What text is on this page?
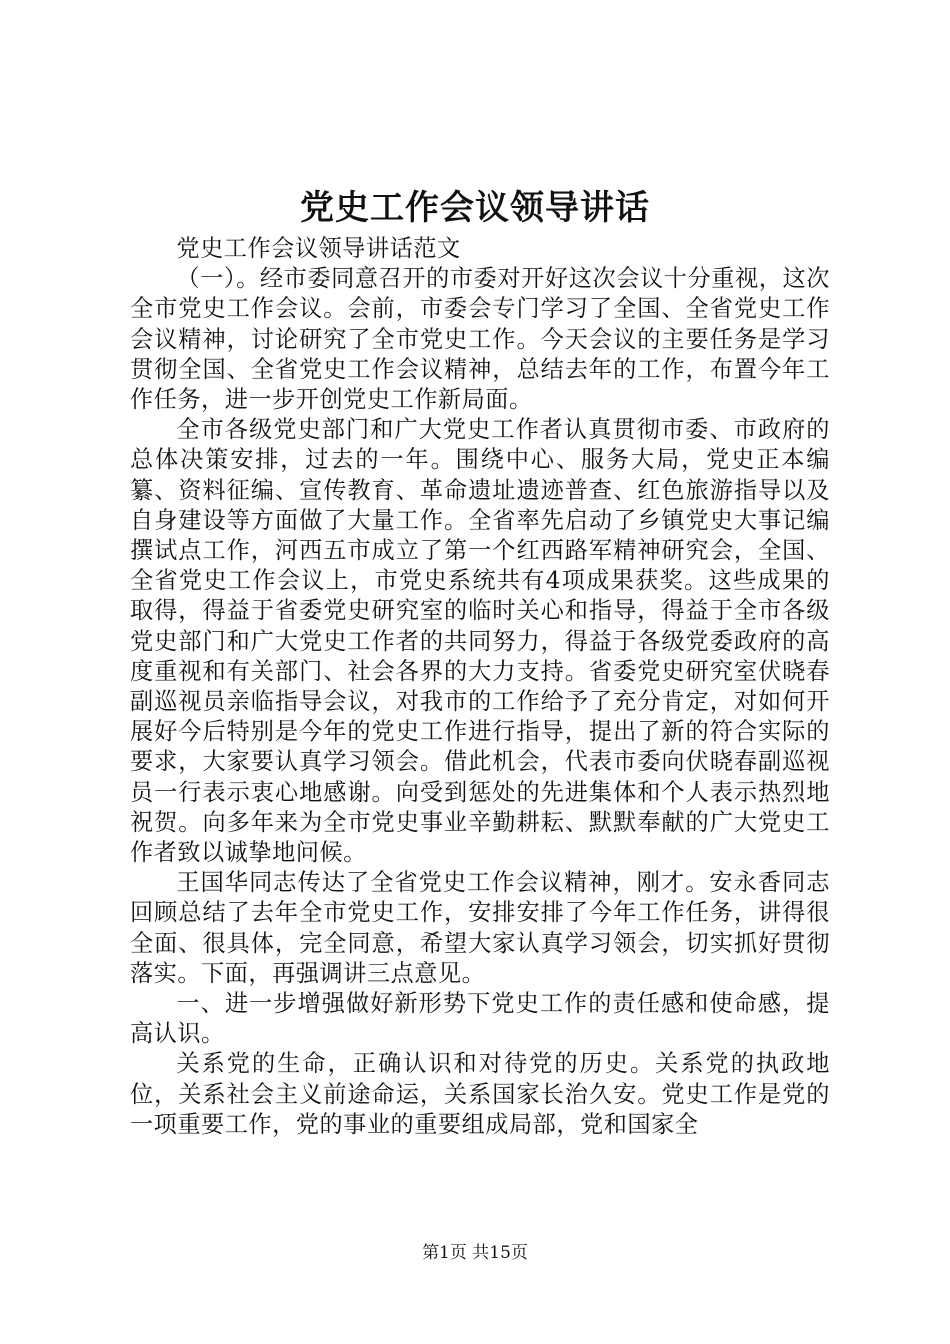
党史工作会议领导讲话

党史工作会议领导讲话范文

（一）。经市委同意召开的市委对开好这次会议十分重视，这次全市党史工作会议。会前，市委会专门学习了全国、全省党史工作会议精神，讨论研究了全市党史工作。今天会议的主要任务是学习贯彻全国、全省党史工作会议精神，总结去年的工作，布置今年工作任务，进一步开创党史工作新局面。

全市各级党史部门和广大党史工作者认真贯彻市委、市政府的总体决策安排，过去的一年。围绕中心、服务大局，党史正本编纂、资料征编、宣传教育、革命遗址遗迹普查、红色旅游指导以及自身建设等方面做了大量工作。全省率先启动了乡镇党史大事记编撰试点工作，河西五市成立了第一个红西路军精神研究会，全国、全省党史工作会议上，市党史系统共有4项成果获奖。这些成果的取得，得益于省委党史研究室的临时关心和指导，得益于全市各级党史部门和广大党史工作者的共同努力，得益于各级党委政府的高度重视和有关部门、社会各界的大力支持。省委党史研究室伏晓春副巡视员亲临指导会议，对我市的工作给予了充分肯定，对如何开展好今后特别是今年的党史工作进行指导，提出了新的符合实际的要求，大家要认真学习领会。借此机会，代表市委向伏晓春副巡视员一行表示衷心地感谢。向受到惩处的先进集体和个人表示热烈地祝贺。向多年来为全市党史事业辛勤耕耘、默默奉献的广大党史工作者致以诚挚地问候。

王国华同志传达了全省党史工作会议精神，刚才。安永香同志回顾总结了去年全市党史工作，安排安排了今年工作任务，讲得很全面、很具体，完全同意，希望大家认真学习领会，切实抓好贯彻落实。下面，再强调讲三点意见。

一、进一步增强做好新形势下党史工作的责任感和使命感，提高认识。

关系党的生命，正确认识和对待党的历史。关系党的执政地位，关系社会主义前途命运，关系国家长治久安。党史工作是党的一项重要工作，党的事业的重要组成局部，党和国家全

第1页 共15页
